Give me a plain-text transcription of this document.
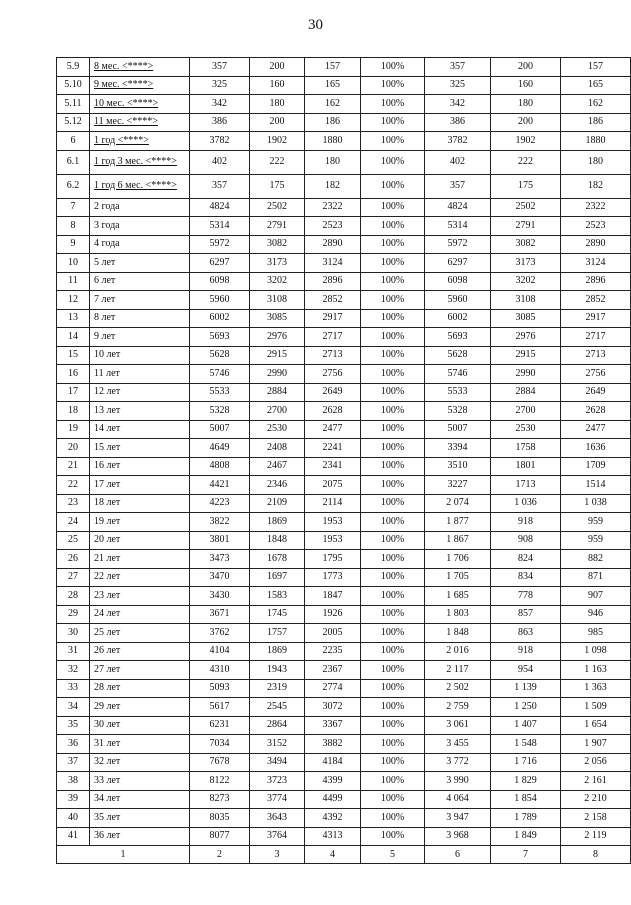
30
5.9	8 мес. <****>	357	200	157	100%	357	200	157
5.10	9 мес. <****>	325	160	165	100%	325	160	165
5.11	10 мес. <****>	342	180	162	100%	342	180	162
5.12	11 мес. <****>	386	200	186	100%	386	200	186
6	1 год <****>	3782	1902	1880	100%	3782	1902	1880
6.1	1 год 3 мес. <****>	402	222	180	100%	402	222	180
6.2	1 год 6 мес. <****>	357	175	182	100%	357	175	182
7	2 года	4824	2502	2322	100%	4824	2502	2322
8	3 года	5314	2791	2523	100%	5314	2791	2523
9	4 года	5972	3082	2890	100%	5972	3082	2890
10	5 лет	6297	3173	3124	100%	6297	3173	3124
11	6 лет	6098	3202	2896	100%	6098	3202	2896
12	7 лет	5960	3108	2852	100%	5960	3108	2852
13	8 лет	6002	3085	2917	100%	6002	3085	2917
14	9 лет	5693	2976	2717	100%	5693	2976	2717
15	10 лет	5628	2915	2713	100%	5628	2915	2713
16	11 лет	5746	2990	2756	100%	5746	2990	2756
17	12 лет	5533	2884	2649	100%	5533	2884	2649
18	13 лет	5328	2700	2628	100%	5328	2700	2628
19	14 лет	5007	2530	2477	100%	5007	2530	2477
20	15 лет	4649	2408	2241	100%	3394	1758	1636
21	16 лет	4808	2467	2341	100%	3510	1801	1709
22	17 лет	4421	2346	2075	100%	3227	1713	1514
23	18 лет	4223	2109	2114	100%	2 074	1 036	1 038
24	19 лет	3822	1869	1953	100%	1 877	918	959
25	20 лет	3801	1848	1953	100%	1 867	908	959
26	21 лет	3473	1678	1795	100%	1 706	824	882
27	22 лет	3470	1697	1773	100%	1 705	834	871
28	23 лет	3430	1583	1847	100%	1 685	778	907
29	24 лет	3671	1745	1926	100%	1 803	857	946
30	25 лет	3762	1757	2005	100%	1 848	863	985
31	26 лет	4104	1869	2235	100%	2 016	918	1 098
32	27 лет	4310	1943	2367	100%	2 117	954	1 163
33	28 лет	5093	2319	2774	100%	2 502	1 139	1 363
34	29 лет	5617	2545	3072	100%	2 759	1 250	1 509
35	30 лет	6231	2864	3367	100%	3 061	1 407	1 654
36	31 лет	7034	3152	3882	100%	3 455	1 548	1 907
37	32 лет	7678	3494	4184	100%	3 772	1 716	2 056
38	33 лет	8122	3723	4399	100%	3 990	1 829	2 161
39	34 лет	8273	3774	4499	100%	4 064	1 854	2 210
40	35 лет	8035	3643	4392	100%	3 947	1 789	2 158
41	36 лет	8077	3764	4313	100%	3 968	1 849	2 119
1		2	3	4	5	6	7	8
